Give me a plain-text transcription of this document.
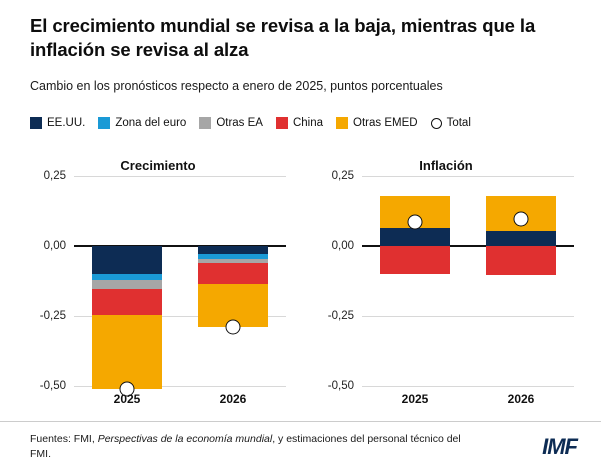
El crecimiento mundial se revisa a la baja, mientras que la inflación se revisa al alza
Cambio en los pronósticos respecto a enero de 2025, puntos porcentuales
EE.UU.	Zona del euro	Otras EA	China	Otras EMED	Total
Crecimiento
0,25
0,00
-0,25
-0,50
2025	2026
Inflación
0,25
0,00
-0,25
-0,50
2025	2026
Fuentes: FMI, Perspectivas de la economía mundial, y estimaciones del personal técnico del FMI.	IMF
